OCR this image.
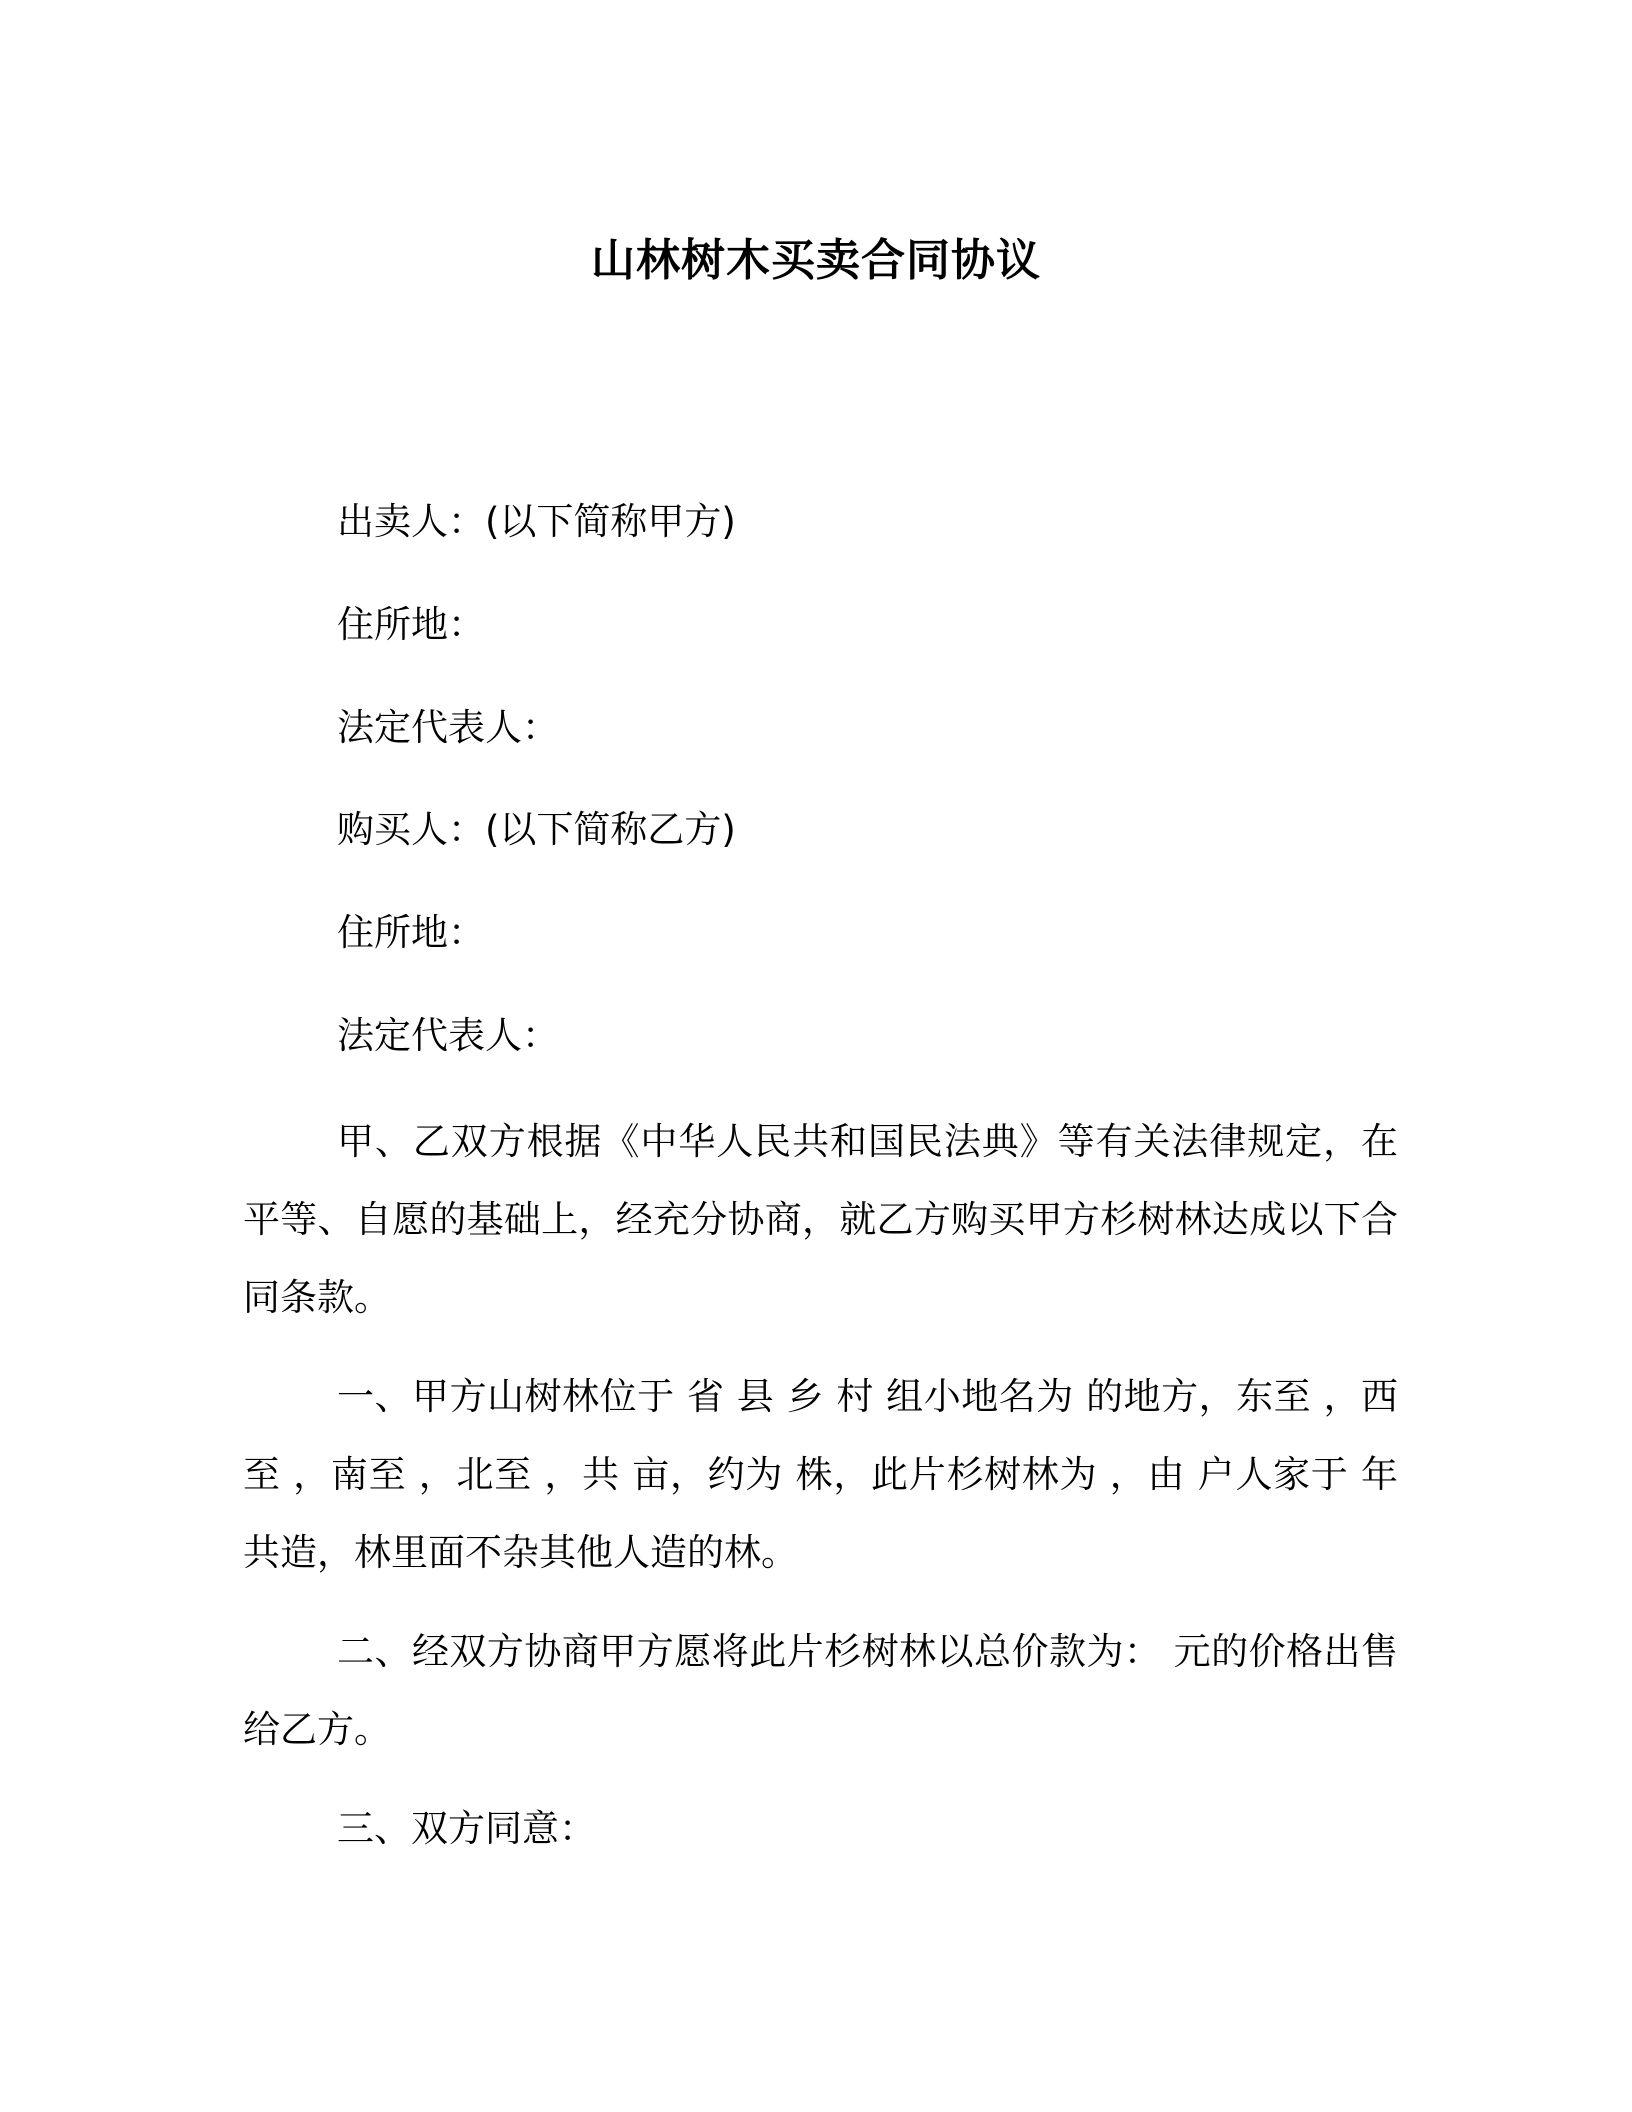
山林树木买卖合同协议

出卖人：(以下简称甲方)

住所地：

法定代表人：

购买人：(以下简称乙方)

住所地：

法定代表人：

甲、乙双方根据《中华人民共和国民法典》等有关法律规定，在平等、自愿的基础上，经充分协商，就乙方购买甲方杉树林达成以下合同条款。

一、甲方山树林位于 省 县 乡 村 组小地名为 的地方，东至 ，西至 ，南至 ，北至 ，共 亩，约为 株，此片杉树林为 ，由 户人家于 年共造，林里面不杂其他人造的林。

二、经双方协商甲方愿将此片杉树林以总价款为： 元的价格出售给乙方。

三、双方同意：
